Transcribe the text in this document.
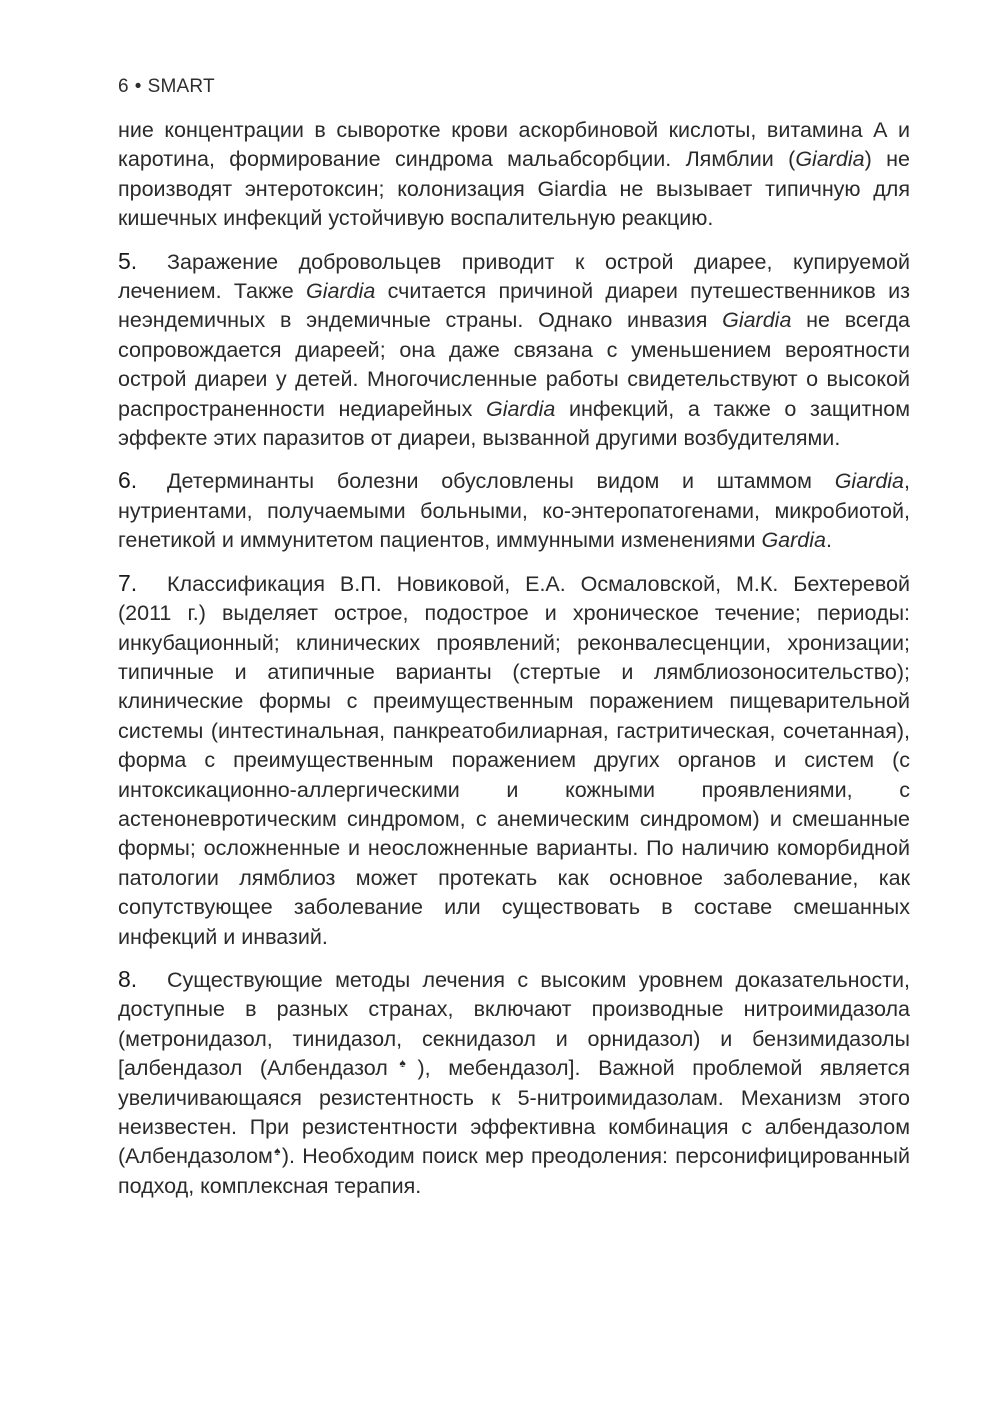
6 • SMART

ние концентрации в сыворотке крови аскорбиновой кислоты, витамина А и каротина, формирование синдрома мальабсорбции. Лямблии (Giardia) не производят энтеротоксин; колонизация Giardia не вызывает типичную для кишечных инфекций устойчивую воспалительную реакцию.

5. Заражение добровольцев приводит к острой диарее, купируемой лечением. Также Giardia считается причиной диареи путешественников из неэндемичных в эндемичные страны. Однако инвазия Giardia не всегда сопровождается диареей; она даже связана с уменьшением вероятности острой диареи у детей. Многочисленные работы свидетельствуют о высокой распространенности недиарейных Giardia инфекций, а также о защитном эффекте этих паразитов от диареи, вызванной другими возбудителями.

6. Детерминанты болезни обусловлены видом и штаммом Giardia, нутриентами, получаемыми больными, ко-энтеропатогенами, микробиотой, генетикой и иммунитетом пациентов, иммунными изменениями Gardia.

7. Классификация В.П. Новиковой, Е.А. Осмаловской, М.К. Бехтеревой (2011 г.) выделяет острое, подострое и хроническое течение; периоды: инкубационный; клинических проявлений; реконвалесценции, хронизации; типичные и атипичные варианты (стертые и лямблиозоносительство); клинические формы с преимущественным поражением пищеварительной системы (интестинальная, панкреатобилиарная, гастритическая, сочетанная), форма с преимущественным поражением других органов и систем (с интоксикационно-аллергическими и кожными проявлениями, с астеноневротическим синдромом, с анемическим синдромом) и смешанные формы; осложненные и неосложненные варианты. По наличию коморбидной патологии лямблиоз может протекать как основное заболевание, как сопутствующее заболевание или существовать в составе смешанных инфекций и инвазий.

8. Существующие методы лечения с высоким уровнем доказательности, доступные в разных странах, включают производные нитроимидазола (метронидазол, тинидазол, секнидазол и орнидазол) и бензимидазолы [албендазол (Албендазол♠), мебендазол]. Важной проблемой является увеличивающаяся резистентность к 5-нитроимидазолам. Механизм этого неизвестен. При резистентности эффективна комбинация с албендазолом (Албендазолом♠). Необходим поиск мер преодоления: персонифицированный подход, комплексная терапия.
